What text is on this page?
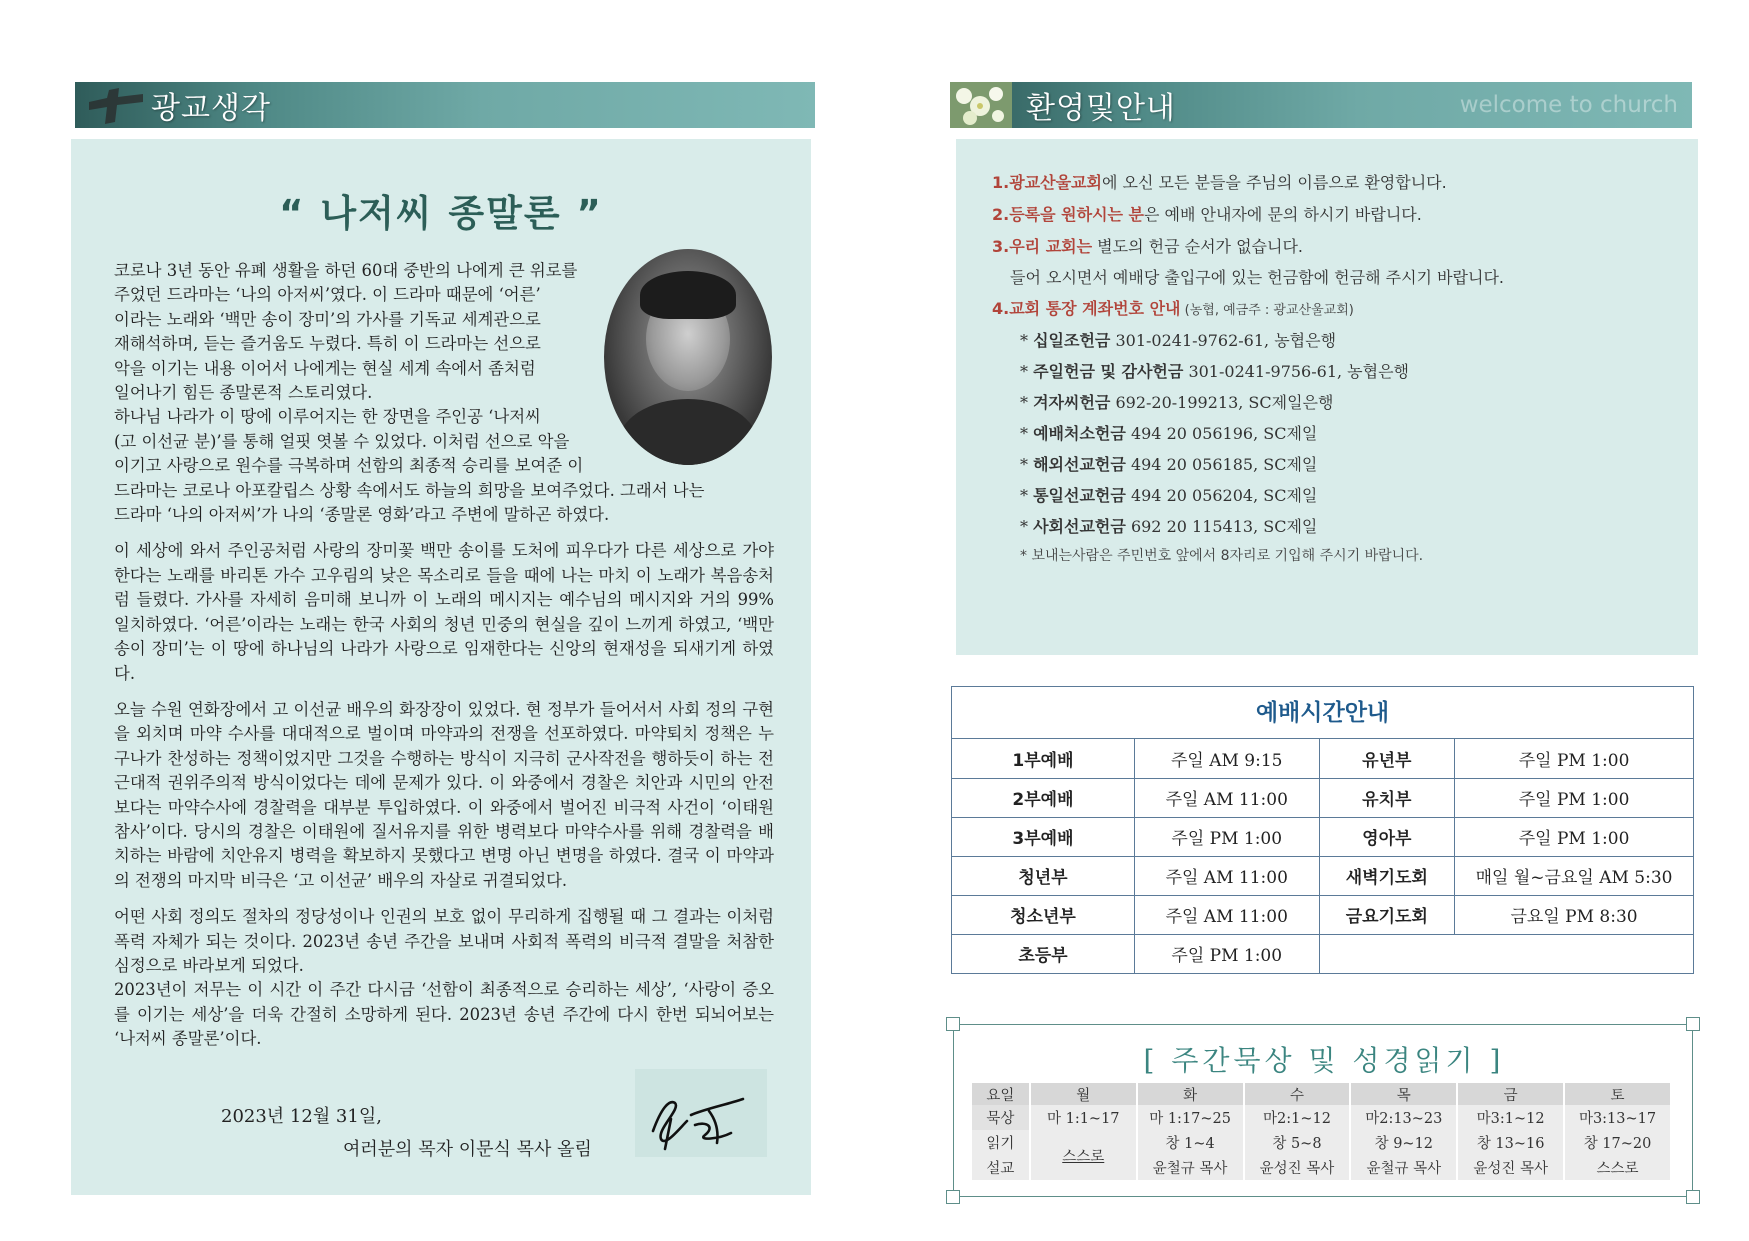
광교생각	환영및안내	welcome to church
“ 나저씨 종말론 ”

코로나 3년 동안 유폐 생활을 하던 60대 중반의 나에게 큰 위로를
주었던 드라마는 ‘나의 아저씨’였다. 이 드라마 때문에 ‘어른’
이라는 노래와 ‘백만 송이 장미’의 가사를 기독교 세계관으로
재해석하며, 듣는 즐거움도 누렸다. 특히 이 드라마는 선으로
악을 이기는 내용 이어서 나에게는 현실 세계 속에서 좀처럼
일어나기 힘든 종말론적 스토리였다.
하나님 나라가 이 땅에 이루어지는 한 장면을 주인공 ‘나저씨
(고 이선균 분)’를 통해 얼핏 엿볼 수 있었다. 이처럼 선으로 악을
이기고 사랑으로 원수를 극복하며 선함의 최종적 승리를 보여준 이
드라마는 코로나 아포칼립스 상황 속에서도 하늘의 희망을 보여주었다. 그래서 나는
드라마 ‘나의 아저씨’가 나의 ‘종말론 영화’라고 주변에 말하곤 하였다.

이 세상에 와서 주인공처럼 사랑의 장미꽃 백만 송이를 도처에 피우다가 다른 세상으로 가야 한다는 노래를 바리톤 가수 고우림의 낮은 목소리로 들을 때에 나는 마치 이 노래가 복음송처럼 들렸다. 가사를 자세히 음미해 보니까 이 노래의 메시지는 예수님의 메시지와 거의 99% 일치하였다. ‘어른’이라는 노래는 한국 사회의 청년 민중의 현실을 깊이 느끼게 하였고, ‘백만 송이 장미’는 이 땅에 하나님의 나라가 사랑으로 임재한다는 신앙의 현재성을 되새기게 하였다.

오늘 수원 연화장에서 고 이선균 배우의 화장장이 있었다. 현 정부가 들어서서 사회 정의 구현을 외치며 마약 수사를 대대적으로 벌이며 마약과의 전쟁을 선포하였다. 마약퇴치 정책은 누구나가 찬성하는 정책이었지만 그것을 수행하는 방식이 지극히 군사작전을 행하듯이 하는 전근대적 권위주의적 방식이었다는 데에 문제가 있다. 이 와중에서 경찰은 치안과 시민의 안전보다는 마약수사에 경찰력을 대부분 투입하였다. 이 와중에서 벌어진 비극적 사건이 ‘이태원 참사’이다. 당시의 경찰은 이태원에 질서유지를 위한 병력보다 마약수사를 위해 경찰력을 배치하는 바람에 치안유지 병력을 확보하지 못했다고 변명 아닌 변명을 하였다. 결국 이 마약과의 전쟁의 마지막 비극은 ‘고 이선균’ 배우의 자살로 귀결되었다.

어떤 사회 정의도 절차의 정당성이나 인권의 보호 없이 무리하게 집행될 때 그 결과는 이처럼 폭력 자체가 되는 것이다. 2023년 송년 주간을 보내며 사회적 폭력의 비극적 결말을 처참한 심정으로 바라보게 되었다.

2023년이 저무는 이 시간 이 주간 다시금 ‘선함이 최종적으로 승리하는 세상’, ‘사랑이 증오를 이기는 세상’을 더욱 간절히 소망하게 된다. 2023년 송년 주간에 다시 한번 되뇌어보는 ‘나저씨 종말론’이다.

2023년 12월 31일,
여러분의 목자 이문식 목사 올림
1.광교산울교회에 오신 모든 분들을 주님의 이름으로 환영합니다.
2.등록을 원하시는 분은 예배 안내자에 문의 하시기 바랍니다.
3.우리 교회는 별도의 헌금 순서가 없습니다.
들어 오시면서 예배당 출입구에 있는 헌금함에 헌금해 주시기 바랍니다.
4.교회 통장 계좌번호 안내 (농협, 예금주 : 광교산울교회)
* 십일조헌금 301-0241-9762-61, 농협은행
* 주일헌금 및 감사헌금 301-0241-9756-61, 농협은행
* 겨자씨헌금 692-20-199213, SC제일은행
* 예배처소헌금 494 20 056196, SC제일
* 해외선교헌금 494 20 056185, SC제일
* 통일선교헌금 494 20 056204, SC제일
* 사회선교헌금 692 20 115413, SC제일
* 보내는사람은 주민번호 앞에서 8자리로 기입해 주시기 바랍니다.
예배시간안내
1부예배	주일 AM 9:15	유년부	주일 PM 1:00
2부예배	주일 AM 11:00	유치부	주일 PM 1:00
3부예배	주일 PM 1:00	영아부	주일 PM 1:00
청년부	주일 AM 11:00	새벽기도회	매일 월~금요일 AM 5:30
청소년부	주일 AM 11:00	금요기도회	금요일 PM 8:30
초등부	주일 PM 1:00		
[ 주간묵상 및 성경읽기 ]
요일	월	화	수	목	금	토
묵상	마 1:1~17	마 1:17~25	마2:1~12	마2:13~23	마3:1~12	마3:13~17
읽기	스스로	창 1~4	창 5~8	창 9~12	창 13~16	창 17~20
설교		윤철규 목사	윤성진 목사	윤철규 목사	윤성진 목사	스스로
